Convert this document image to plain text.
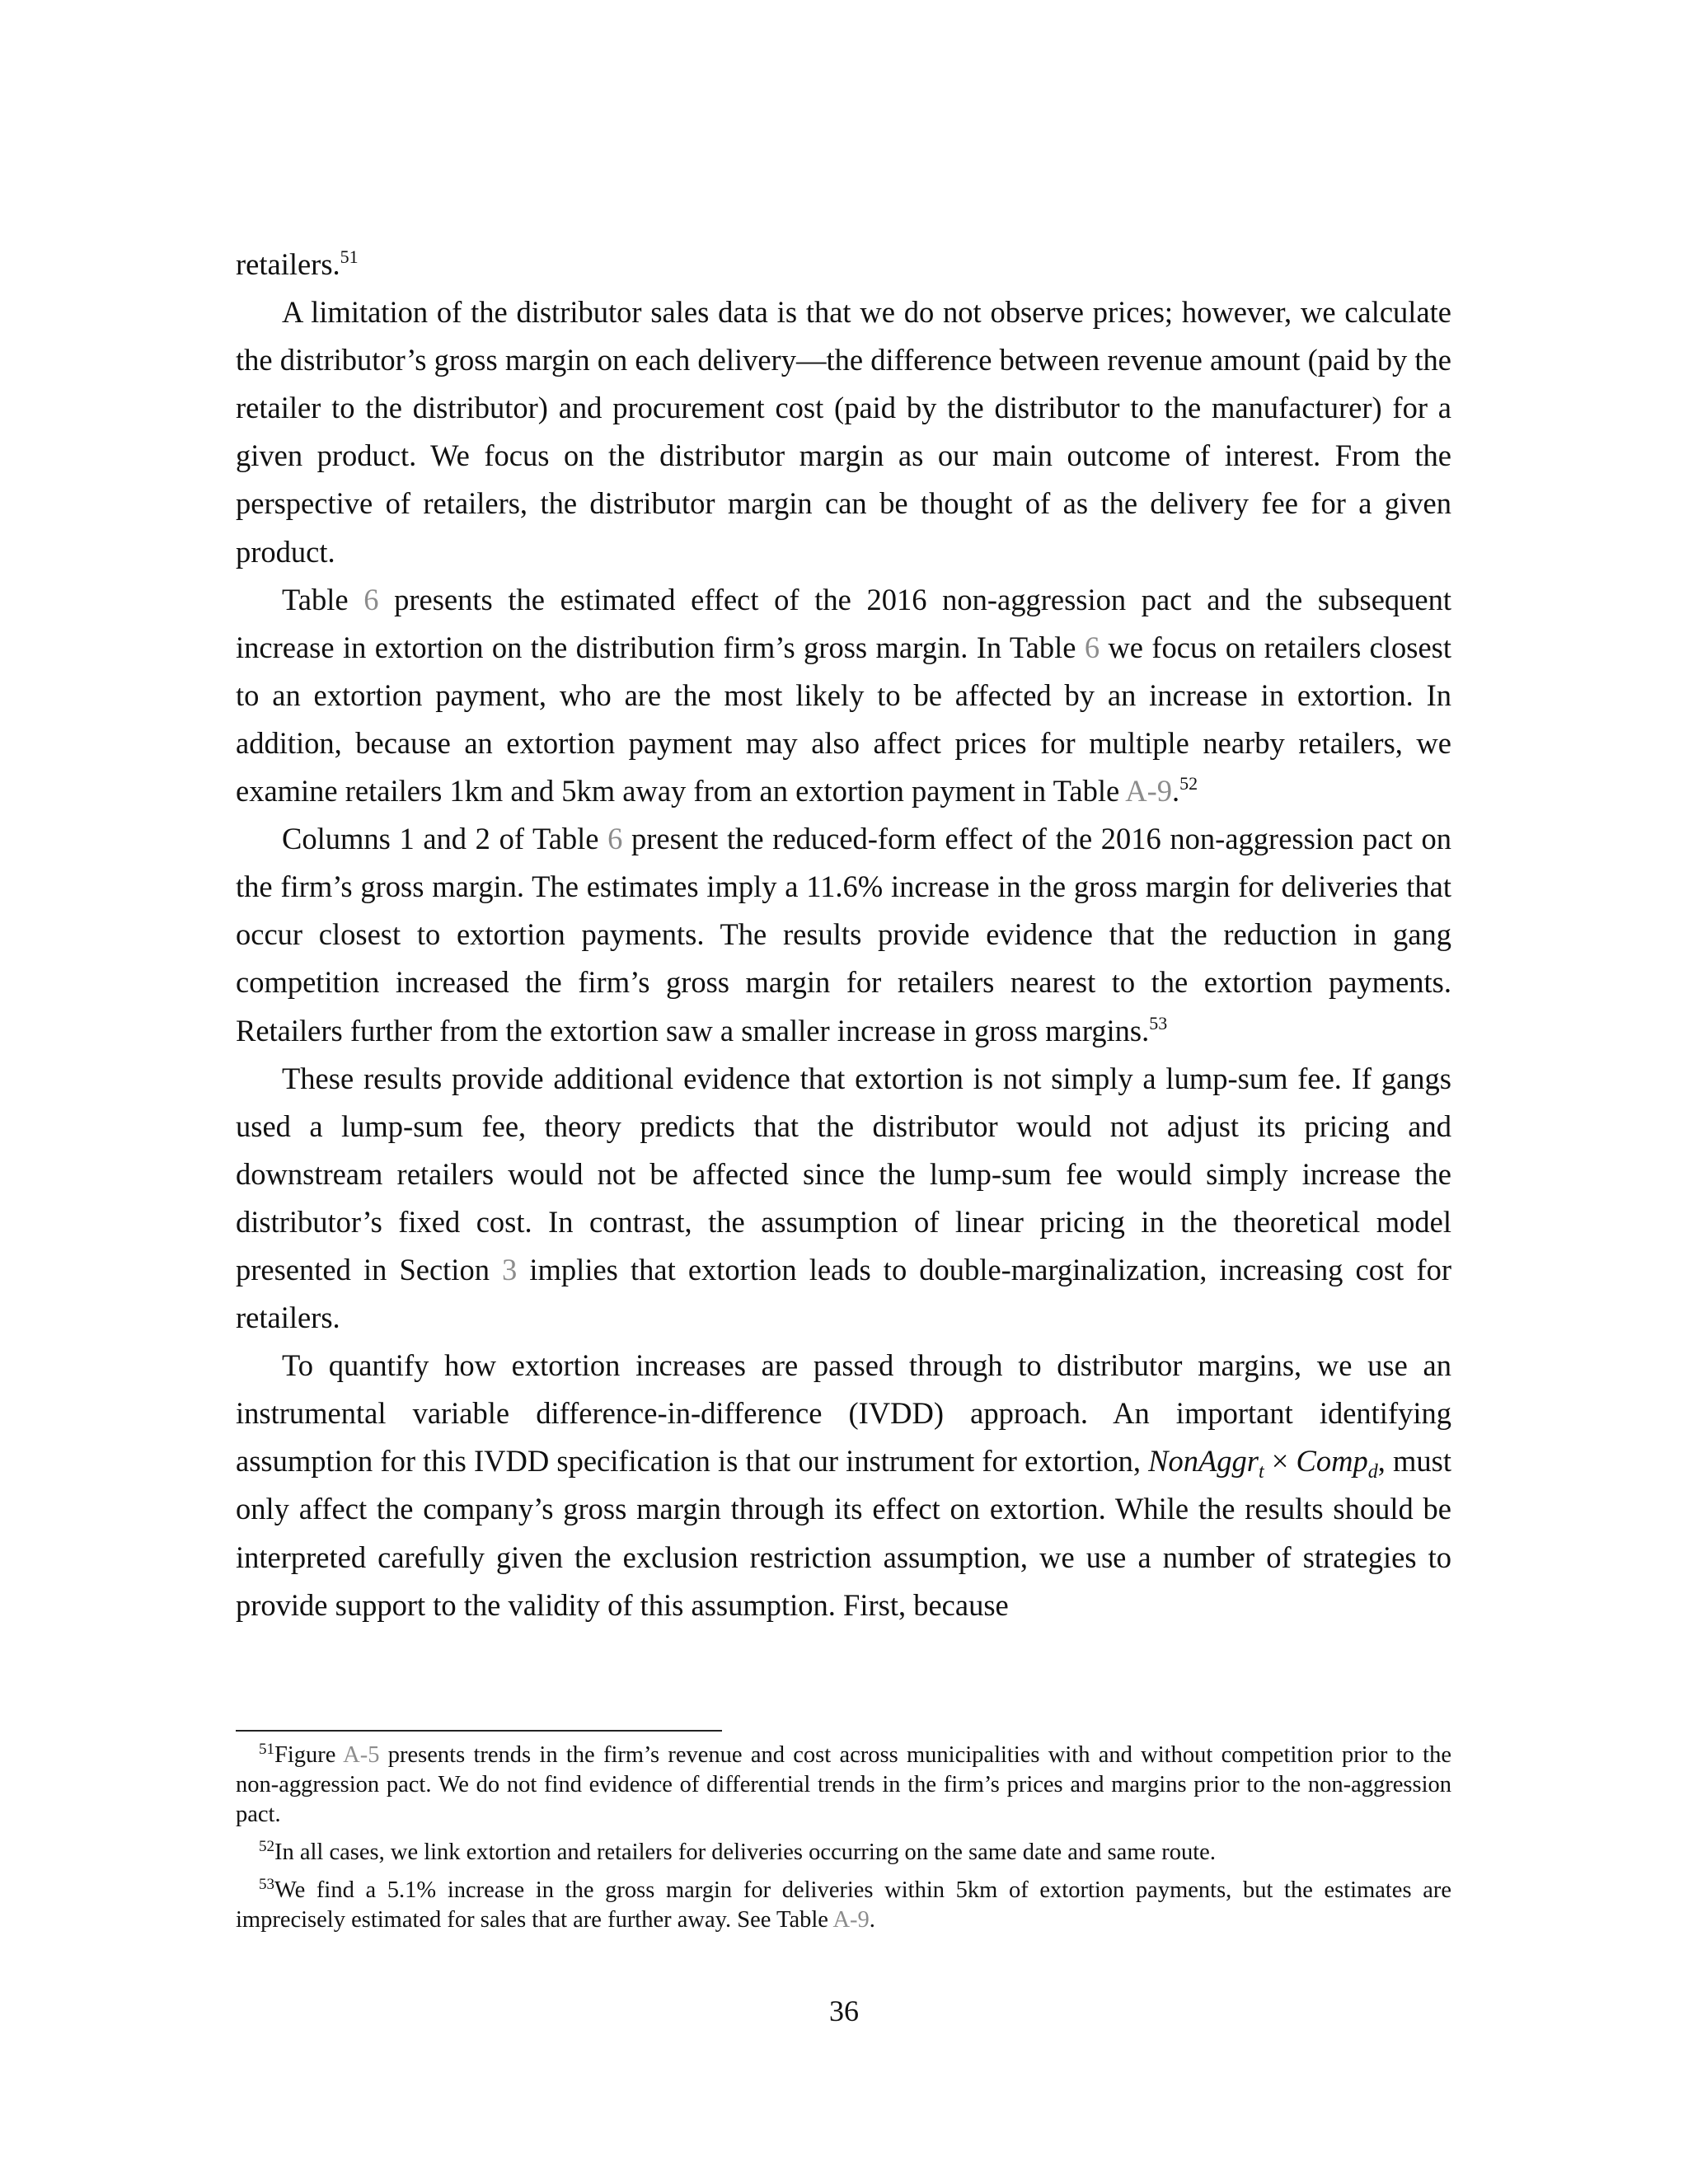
retailers.$^{51}$

A limitation of the distributor sales data is that we do not observe prices; however, we calculate the distributor’s gross margin on each delivery—the difference between revenue amount (paid by the retailer to the distributor) and procurement cost (paid by the distributor to the manufacturer) for a given product. We focus on the distributor margin as our main outcome of interest. From the perspective of retailers, the distributor margin can be thought of as the delivery fee for a given product.

Table 6 presents the estimated effect of the 2016 non-aggression pact and the subsequent increase in extortion on the distribution firm’s gross margin. In Table 6 we focus on retailers closest to an extortion payment, who are the most likely to be affected by an increase in extortion. In addition, because an extortion payment may also affect prices for multiple nearby retailers, we examine retailers 1km and 5km away from an extortion payment in Table A-9.52

Columns 1 and 2 of Table 6 present the reduced-form effect of the 2016 non-aggression pact on the firm’s gross margin. The estimates imply a 11.6% increase in the gross margin for deliveries that occur closest to extortion payments. The results provide evidence that the reduction in gang competition increased the firm’s gross margin for retailers nearest to the extortion payments. Retailers further from the extortion saw a smaller increase in gross margins.$^{53}$

These results provide additional evidence that extortion is not simply a lump-sum fee. If gangs used a lump-sum fee, theory predicts that the distributor would not adjust its pricing and downstream retailers would not be affected since the lump-sum fee would simply increase the distributor’s fixed cost. In contrast, the assumption of linear pricing in the theoretical model presented in Section 3 implies that extortion leads to double-marginalization, increasing cost for retailers.

To quantify how extortion increases are passed through to distributor margins, we use an instrumental variable difference-in-difference (IVDD) approach. An important identifying assumption for this IVDD specification is that our instrument for extortion, NonAggr$_t$ × Comp$_d$, must only affect the company’s gross margin through its effect on extortion. While the results should be interpreted carefully given the exclusion restriction assumption, we use a number of strategies to provide support to the validity of this assumption. First, because

$^{51}$Figure A-5 presents trends in the firm’s revenue and cost across municipalities with and without competition prior to the non-aggression pact. We do not find evidence of differential trends in the firm’s prices and margins prior to the non-aggression pact.

$^{52}$In all cases, we link extortion and retailers for deliveries occurring on the same date and same route.

$^{53}$We find a 5.1% increase in the gross margin for deliveries within 5km of extortion payments, but the estimates are imprecisely estimated for sales that are further away. See Table A-9.

36
